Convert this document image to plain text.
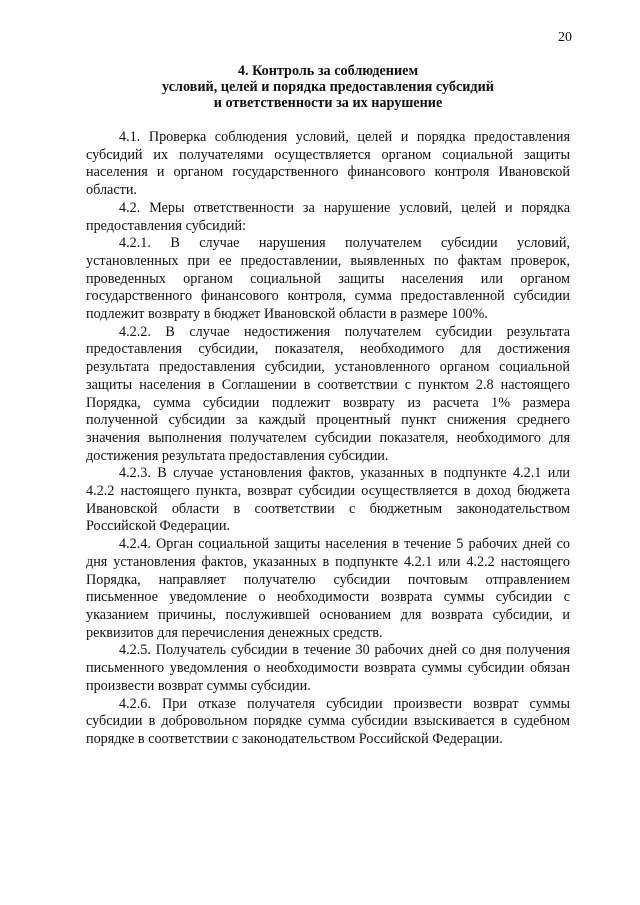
20
4. Контроль за соблюдением
условий, целей и порядка предоставления субсидий
и ответственности за их нарушение

4.1. Проверка соблюдения условий, целей и порядка предоставления субсидий их получателями осуществляется органом социальной защиты населения и органом государственного финансового контроля Ивановской области.

4.2. Меры ответственности за нарушение условий, целей и порядка предоставления субсидий:

4.2.1. В случае нарушения получателем субсидии условий, установленных при ее предоставлении, выявленных по фактам проверок, проведенных органом социальной защиты населения или органом государственного финансового контроля, сумма предоставленной субсидии подлежит возврату в бюджет Ивановской области в размере 100%.

4.2.2. В случае недостижения получателем субсидии результата предоставления субсидии, показателя, необходимого для достижения результата предоставления субсидии, установленного органом социальной защиты населения в Соглашении в соответствии с пунктом 2.8 настоящего Порядка, сумма субсидии подлежит возврату из расчета 1% размера полученной субсидии за каждый процентный пункт снижения среднего значения выполнения получателем субсидии показателя, необходимого для достижения результата предоставления субсидии.

4.2.3. В случае установления фактов, указанных в подпункте 4.2.1 или 4.2.2 настоящего пункта, возврат субсидии осуществляется в доход бюджета Ивановской области в соответствии с бюджетным законодательством Российской Федерации.

4.2.4. Орган социальной защиты населения в течение 5 рабочих дней со дня установления фактов, указанных в подпункте 4.2.1 или 4.2.2 настоящего Порядка, направляет получателю субсидии почтовым отправлением письменное уведомление о необходимости возврата суммы субсидии с указанием причины, послужившей основанием для возврата субсидии, и реквизитов для перечисления денежных средств.

4.2.5. Получатель субсидии в течение 30 рабочих дней со дня получения письменного уведомления о необходимости возврата суммы субсидии обязан произвести возврат суммы субсидии.

4.2.6. При отказе получателя субсидии произвести возврат суммы субсидии в добровольном порядке сумма субсидии взыскивается в судебном порядке в соответствии с законодательством Российской Федерации.
